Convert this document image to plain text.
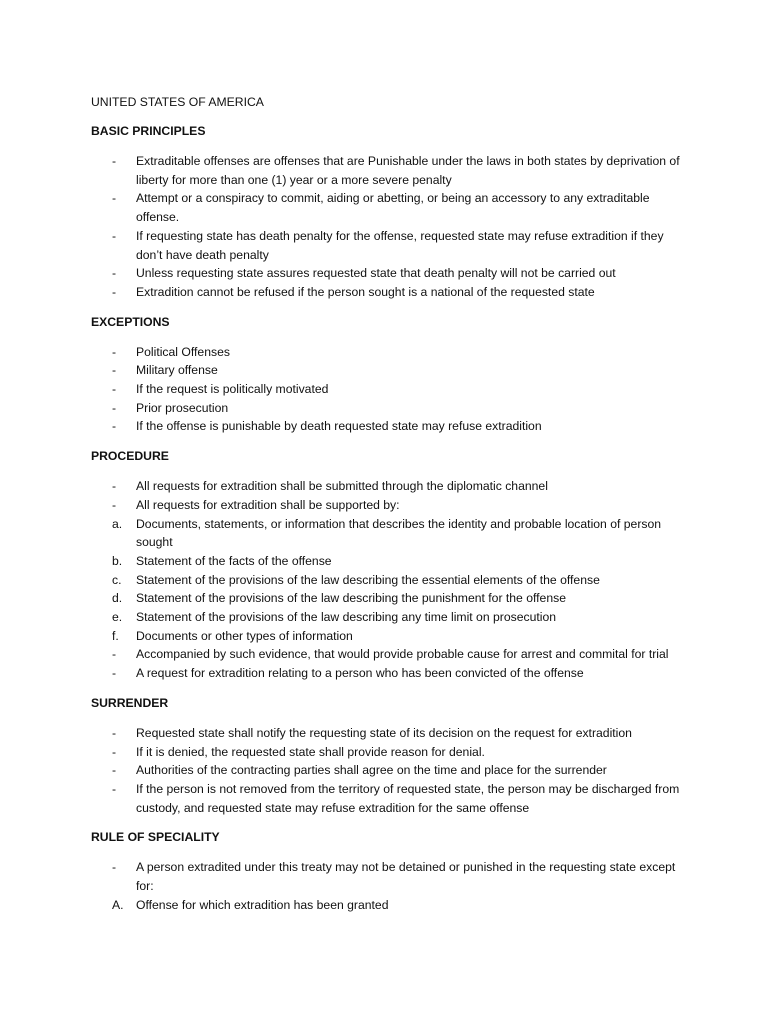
UNITED STATES OF AMERICA

BASIC PRINCIPLES

-	Extraditable offenses are offenses that are Punishable under the laws in both states by deprivation of liberty for more than one (1) year or a more severe penalty
-	Attempt or a conspiracy to commit, aiding or abetting, or being an accessory to any extraditable offense.
-	If requesting state has death penalty for the offense, requested state may refuse extradition if they don’t have death penalty
-	Unless requesting state assures requested state that death penalty will not be carried out
-	Extradition cannot be refused if the person sought is a national of the requested state

EXCEPTIONS

-	Political Offenses
-	Military offense
-	If the request is politically motivated
-	Prior prosecution
-	If the offense is punishable by death requested state may refuse extradition

PROCEDURE

-	All requests for extradition shall be submitted through the diplomatic channel
-	All requests for extradition shall be supported by:
a.	Documents, statements, or information that describes the identity and probable location of person sought
b.	Statement of the facts of the offense
c.	Statement of the provisions of the law describing the essential elements of the offense
d.	Statement of the provisions of the law describing the punishment for the offense
e.	Statement of the provisions of the law describing any time limit on prosecution
f.	Documents or other types of information
-	Accompanied by such evidence, that would provide probable cause for arrest and commital for trial
-	A request for extradition relating to a person who has been convicted of the offense

SURRENDER

-	Requested state shall notify the requesting state of its decision on the request for extradition
-	If it is denied, the requested state shall provide reason for denial.
-	Authorities of the contracting parties shall agree on the time and place for the surrender
-	If the person is not removed from the territory of requested state, the person may be discharged from custody, and requested state may refuse extradition for the same offense

RULE OF SPECIALITY

-	A person extradited under this treaty may not be detained or punished in the requesting state except for:
A.	Offense for which extradition has been granted
